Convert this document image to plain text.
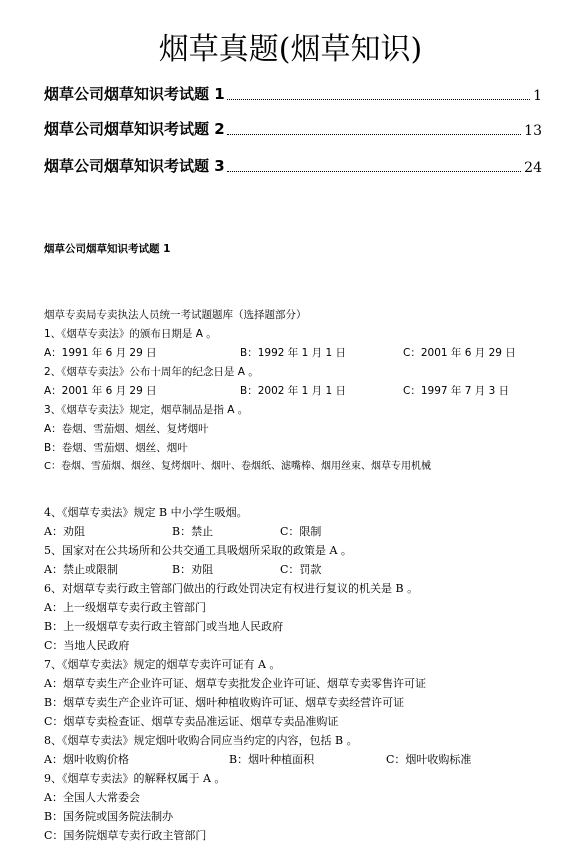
烟草真题(烟草知识)
烟草公司烟草知识考试题 1	1
烟草公司烟草知识考试题 2	13
烟草公司烟草知识考试题 3	24
烟草公司烟草知识考试题 1
烟草专卖局专卖执法人员统一考试题题库（选择题部分）
1、《烟草专卖法》的颁布日期是 A 。
A：1991 年 6 月 29 日	B：1992 年 1 月 1 日	C：2001 年 6 月 29 日
2、《烟草专卖法》公布十周年的纪念日是 A 。
A：2001 年 6 月 29 日	B：2002 年 1 月 1 日	C：1997 年 7 月 3 日
3、《烟草专卖法》规定，烟草制品是指 A 。
A：卷烟、雪茄烟、烟丝、复烤烟叶
B：卷烟、雪茄烟、烟丝、烟叶
C：卷烟、雪茄烟、烟丝、复烤烟叶、烟叶、卷烟纸、滤嘴棒、烟用丝束、烟草专用机械
4、《烟草专卖法》规定 B 中小学生吸烟。
A：劝阻	B：禁止	C：限制
5、国家对在公共场所和公共交通工具吸烟所采取的政策是 A 。
A：禁止或限制	B：劝阻	C：罚款
6、对烟草专卖行政主管部门做出的行政处罚决定有权进行复议的机关是 B 。
A：上一级烟草专卖行政主管部门
B：上一级烟草专卖行政主管部门或当地人民政府
C：当地人民政府
7、《烟草专卖法》规定的烟草专卖许可证有 A 。
A：烟草专卖生产企业许可证、烟草专卖批发企业许可证、烟草专卖零售许可证
B：烟草专卖生产企业许可证、烟叶种植收购许可证、烟草专卖经营许可证
C：烟草专卖检查证、烟草专卖品准运证、烟草专卖品准购证
8、《烟草专卖法》规定烟叶收购合同应当约定的内容，包括 B 。
A：烟叶收购价格	B：烟叶种植面积	C：烟叶收购标准
9、《烟草专卖法》的解释权属于 A 。
A：全国人大常委会
B：国务院或国务院法制办
C：国务院烟草专卖行政主管部门
